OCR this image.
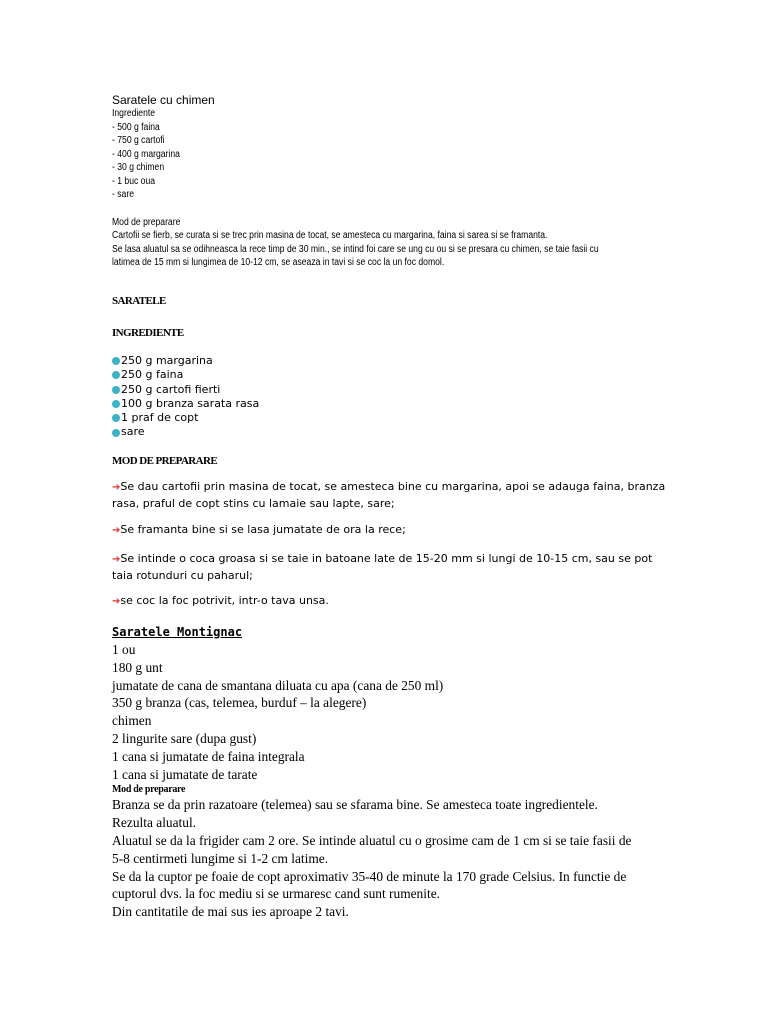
Saratele cu chimen
Ingrediente
- 500 g faina
- 750 g cartofi
- 400 g margarina
- 30 g chimen
- 1 buc oua
- sare
Mod de preparare
Cartofii se fierb, se curata si se trec prin masina de tocat, se amesteca cu margarina, faina si sarea si se framanta.
Se lasa aluatul sa se odihneasca la rece timp de 30 min., se intind foi care se ung cu ou si se presara cu chimen, se taie fasii cu
latimea de 15 mm si lungimea de 10-12 cm, se aseaza in tavi si se coc la un foc domol.
SARATELE
INGREDIENTE
250 g margarina
250 g faina
250 g cartofi fierti
100 g branza sarata rasa
1 praf de copt
sare
MOD DE PREPARARE
➔Se dau cartofii prin masina de tocat, se amesteca bine cu margarina, apoi se adauga faina, branza rasa, praful de copt stins cu lamaie sau lapte, sare;
➔Se framanta bine si se lasa jumatate de ora la rece;
➔Se intinde o coca groasa si se taie in batoane late de 15-20 mm si lungi de 10-15 cm, sau se pot taia rotunduri cu paharul;
➔se coc la foc potrivit, intr-o tava unsa.
Saratele Montignac
1 ou
180 g unt
jumatate de cana de smantana diluata cu apa (cana de 250 ml)
350 g branza (cas, telemea, burduf – la alegere)
chimen
2 lingurite sare (dupa gust)
1 cana si jumatate de faina integrala
1 cana si jumatate de tarate
Mod de preparare
Branza se da prin razatoare (telemea) sau se sfarama bine. Se amesteca toate ingredientele. Rezulta aluatul.
Aluatul se da la frigider cam 2 ore. Se intinde aluatul cu o grosime cam de 1 cm si se taie fasii de 5-8 centirmeti lungime si 1-2 cm latime.
Se da la cuptor pe foaie de copt aproximativ 35-40 de minute la 170 grade Celsius. In functie de cuptorul dvs. la foc mediu si se urmaresc cand sunt rumenite.
Din cantitatile de mai sus ies aproape 2 tavi.
